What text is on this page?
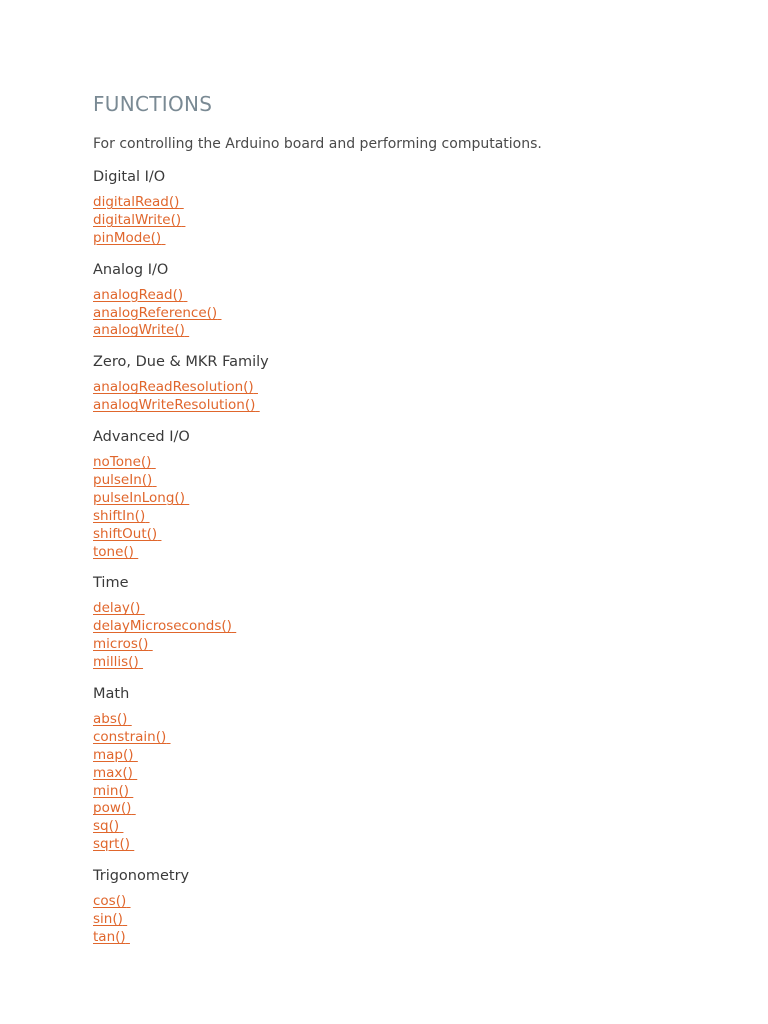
FUNCTIONS

For controlling the Arduino board and performing computations.

Digital I/O
digitalRead()
digitalWrite()
pinMode()
Analog I/O
analogRead()
analogReference()
analogWrite()
Zero, Due & MKR Family
analogReadResolution()
analogWriteResolution()
Advanced I/O
noTone()
pulseIn()
pulseInLong()
shiftIn()
shiftOut()
tone()
Time
delay()
delayMicroseconds()
micros()
millis()
Math
abs()
constrain()
map()
max()
min()
pow()
sq()
sqrt()
Trigonometry
cos()
sin()
tan()
